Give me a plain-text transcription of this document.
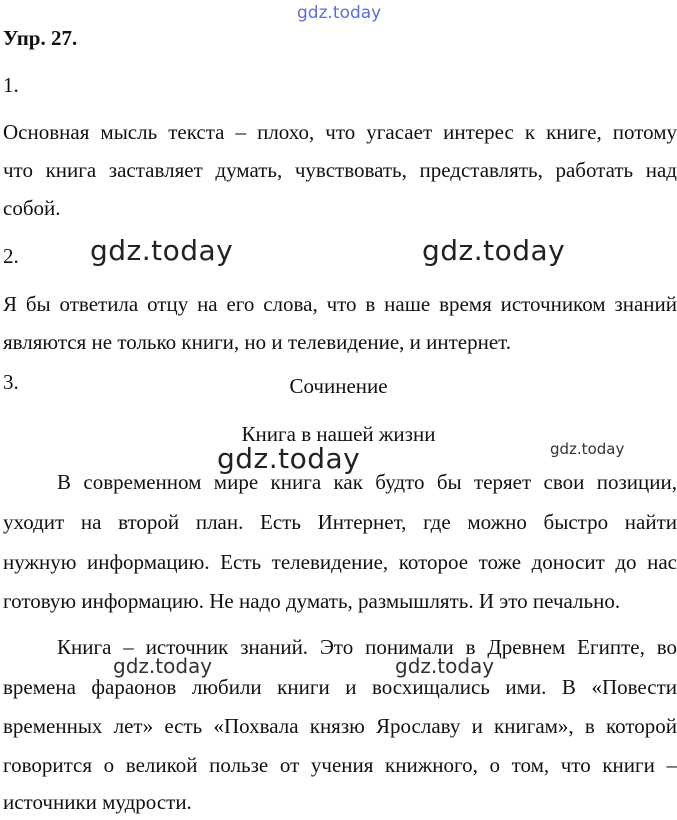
gdz.today
gdz.today	gdz.today
gdz.today
gdz.today
gdz.today	gdz.today
Упр. 27.
1.
Основная мысль текста – плохо, что угасает интерес к книге, потому
что книга заставляет думать, чувствовать, представлять, работать над
собой.
2.
Я бы ответила отцу на его слова, что в наше время источником знаний
являются не только книги, но и телевидение, и интернет.
3.	Сочинение
Книга в нашей жизни
В современном мире книга как будто бы теряет свои позиции,
уходит на второй план. Есть Интернет, где можно быстро найти
нужную информацию. Есть телевидение, которое тоже доносит до нас
готовую информацию. Не надо думать, размышлять. И это печально.
Книга – источник знаний. Это понимали в Древнем Египте, во
времена фараонов любили книги и восхищались ими. В «Повести
временных лет» есть «Похвала князю Ярославу и книгам», в которой
говорится о великой пользе от учения книжного, о том, что книги –
источники мудрости.
